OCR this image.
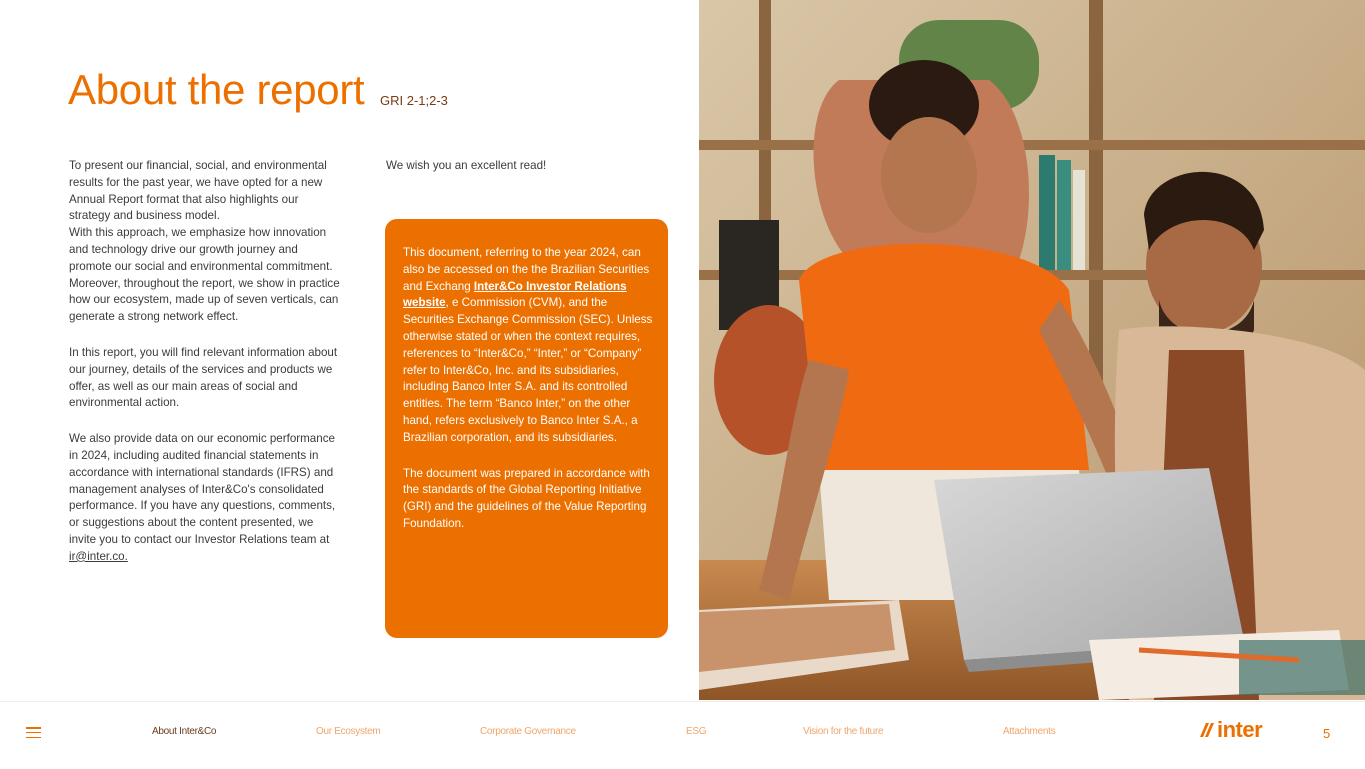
About the report GRI 2-1;2-3

To present our financial, social, and environmental results for the past year, we have opted for a new Annual Report format that also highlights our strategy and business model.

With this approach, we emphasize how innovation and technology drive our growth journey and promote our social and environmental commitment. Moreover, throughout the report, we show in practice how our ecosystem, made up of seven verticals, can generate a strong network effect.

In this report, you will find relevant information about our journey, details of the services and products we offer, as well as our main areas of social and environmental action.

We also provide data on our economic performance in 2024, including audited financial statements in accordance with international standards (IFRS) and management analyses of Inter&Co's consolidated performance. If you have any questions, comments, or suggestions about the content presented, we invite you to contact our Investor Relations team at ir@inter.co.

We wish you an excellent read!

This document, referring to the year 2024, can also be accessed on the the Brazilian Securities and Exchang Inter&Co Investor Relations website, e Commission (CVM), and the Securities Exchange Commission (SEC). Unless otherwise stated or when the context requires, references to “Inter&Co,” “Inter,” or “Company” refer to Inter&Co, Inc. and its subsidiaries, including Banco Inter S.A. and its controlled entities. The term “Banco Inter,” on the other hand, refers exclusively to Banco Inter S.A., a Brazilian corporation, and its subsidiaries.

The document was prepared in accordance with the standards of the Global Reporting Initiative (GRI) and the guidelines of the Value Reporting Foundation.

About Inter&Co	Our Ecosystem	Corporate Governance	ESG	Vision for the future	Attachments	inter	5
